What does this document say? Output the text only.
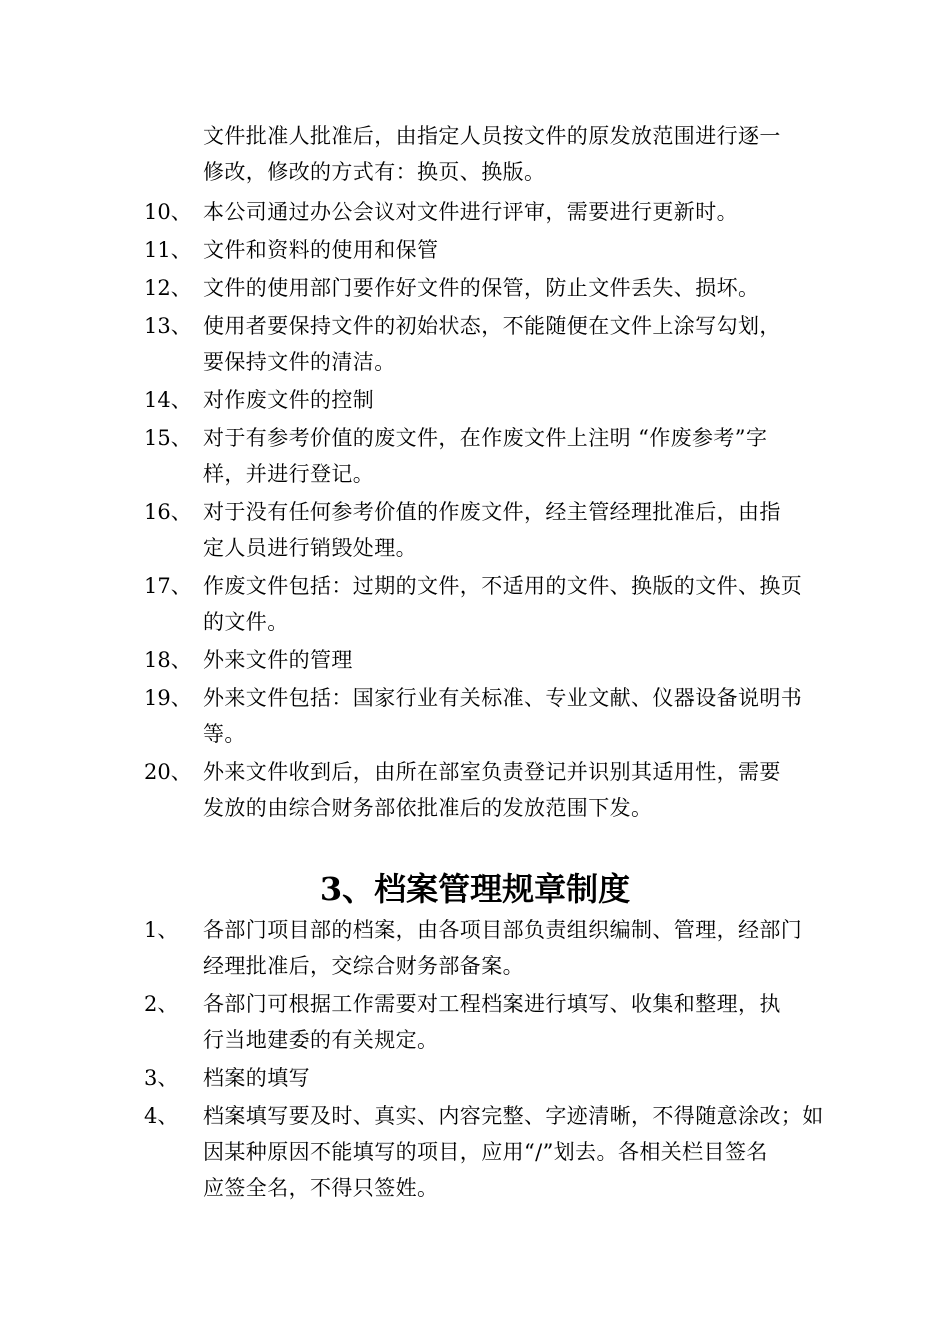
文件批准人批准后，由指定人员按文件的原发放范围进行逐一
修改，修改的方式有：换页、换版。
10、 本公司通过办公会议对文件进行评审，需要进行更新时。
11、 文件和资料的使用和保管
12、 文件的使用部门要作好文件的保管，防止文件丢失、损坏。
13、 使用者要保持文件的初始状态，不能随便在文件上涂写勾划，
要保持文件的清洁。
14、 对作废文件的控制
15、 对于有参考价值的废文件，在作废文件上注明 “作废参考”字
样，并进行登记。
16、 对于没有任何参考价值的作废文件，经主管经理批准后，由指
定人员进行销毁处理。
17、 作废文件包括：过期的文件，不适用的文件、换版的文件、换页
的文件。
18、 外来文件的管理
19、 外来文件包括：国家行业有关标准、专业文献、仪器设备说明书
等。
20、 外来文件收到后，由所在部室负责登记并识别其适用性，需要
发放的由综合财务部依批准后的发放范围下发。
3、档案管理规章制度
1、 各部门项目部的档案，由各项目部负责组织编制、管理，经部门
经理批准后，交综合财务部备案。
2、 各部门可根据工作需要对工程档案进行填写、收集和整理，执
行当地建委的有关规定。
3、 档案的填写
4、 档案填写要及时、真实、内容完整、字迹清晰，不得随意涂改；如
因某种原因不能填写的项目，应用“/”划去。各相关栏目签名
应签全名，不得只签姓。
